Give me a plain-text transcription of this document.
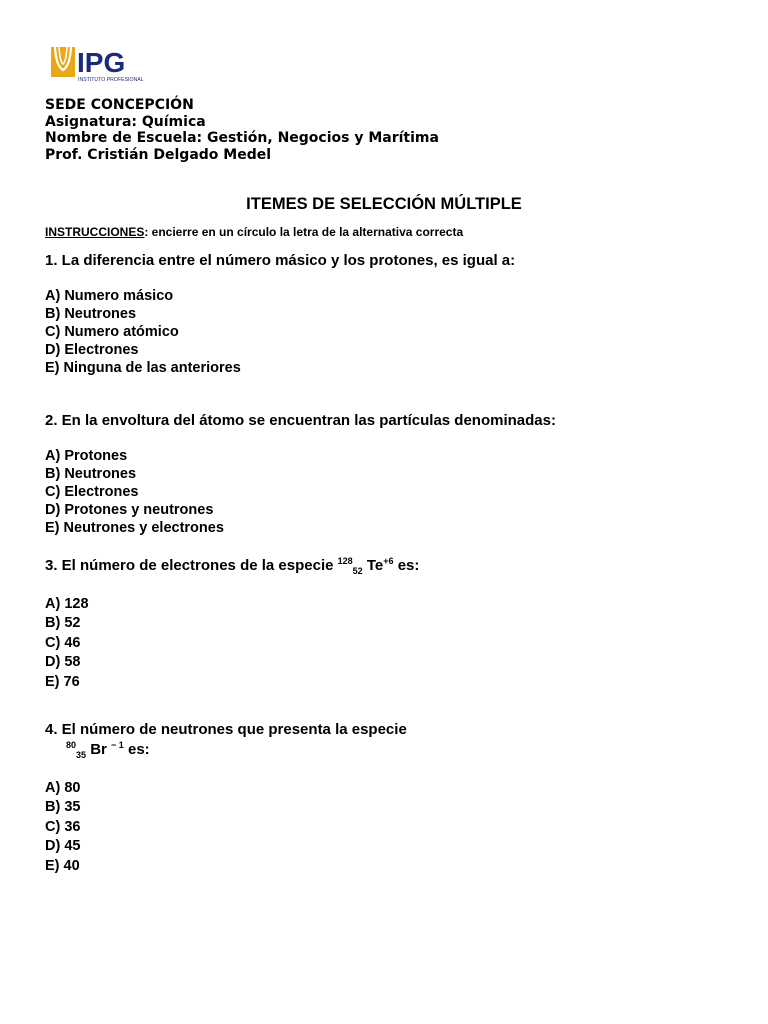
IPG
INSTITUTO PROFESIONAL
SEDE CONCEPCIÓN
Asignatura: Química
Nombre de Escuela: Gestión, Negocios y Marítima
Prof. Cristián Delgado Medel
ITEMES DE SELECCIÓN MÚLTIPLE
INSTRUCCIONES: encierre en un círculo la letra de la alternativa correcta
1. La diferencia entre el número másico y los protones, es igual a:
A) Numero másico
B) Neutrones
C) Numero atómico
D) Electrones
E) Ninguna de las anteriores
2. En la envoltura del átomo se encuentran las partículas denominadas:
A) Protones
B) Neutrones
C) Electrones
D) Protones y neutrones
E) Neutrones y electrones
3. El número de electrones de la especie $^{128}_{52}$ $Te^{+6}$ es:
A) 128
B) 52
C) 46
D) 58
E) 76
4. El número de neutrones que presenta la especie
$^{80}_{35}$ Br $^{- 1}$ es:
A) 80
B) 35
C) 36
D) 45
E) 40
